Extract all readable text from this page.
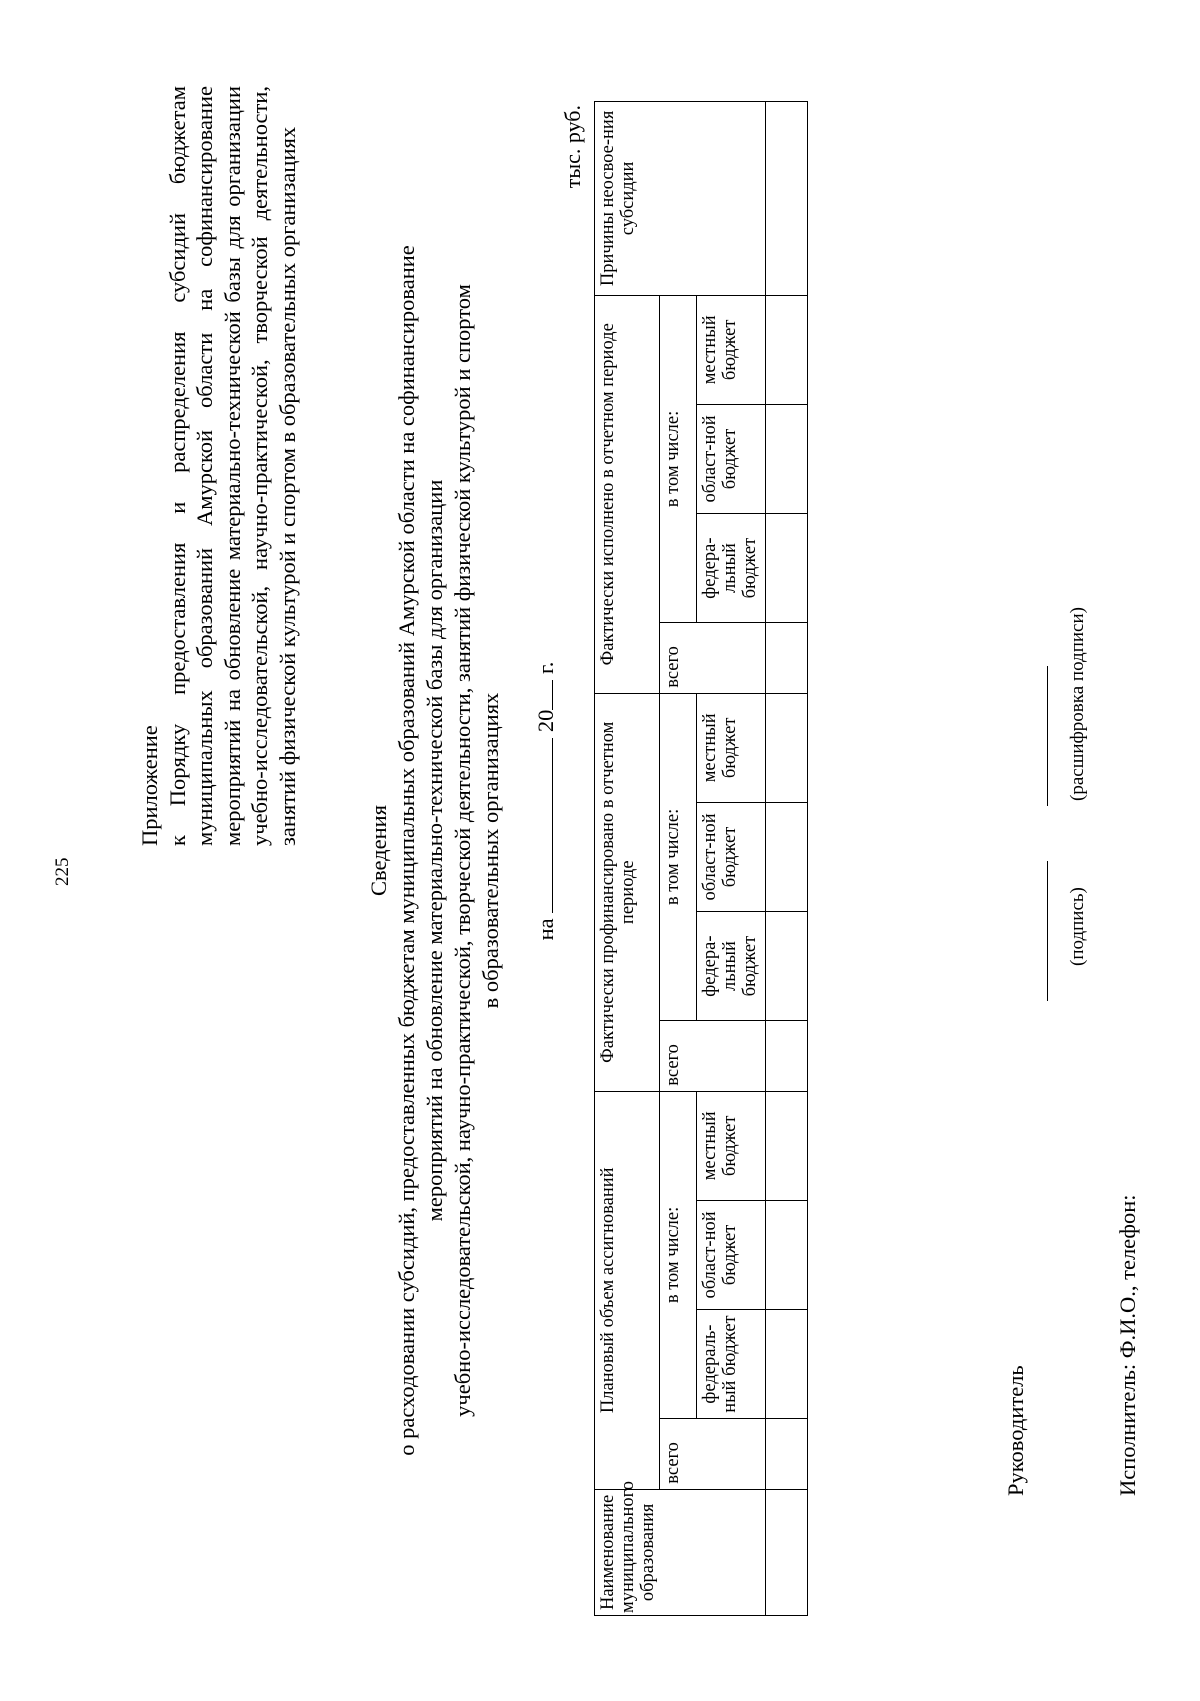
225
Приложение к Порядку предоставления и распределения субсидий бюджетам муниципальных образований Амурской области на софинансирование мероприятий на обновление материально-технической базы для организации учебно-исследовательской, научно-практической, творческой деятельности, занятий физической культурой и спортом в образовательных организациях
Сведения о расходовании субсидий, предоставленных бюджетам муниципальных образований Амурской области на софинансирование мероприятий на обновление материально-технической базы для организации учебно-исследовательской, научно-практической, творческой деятельности, занятий физической культурой и спортом в образовательных организациях на  20 г.
тыс. руб.
Наименование муниципального образования	Плановый объем ассигнований				Фактически профинансировано в отчетном периоде				Фактически исполнено в отчетном периоде				Причины неосвое-ния субсидии
	всего	в том числе:			всего	в том числе:			всего	в том числе:			
		федераль-ный бюджет	област-ной бюджет	местный бюджет		федера-льный бюджет	област-ной бюджет	местный бюджет		федера-льный бюджет	област-ной бюджет	местный бюджет	

Руководитель
(подпись)
(расшифровка подписи)
Исполнитель: Ф.И.О., телефон:
